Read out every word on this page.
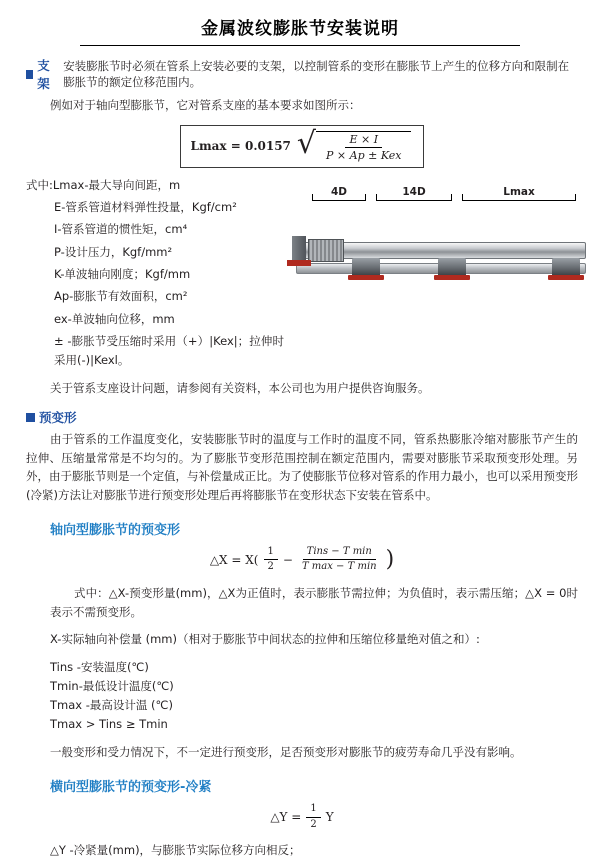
金属波纹膨胀节安装说明
支架
安装膨胀节时必须在管系上安装必要的支架，以控制管系的变形在膨胀节上产生的位移方向和限制在膨胀节的额定位移范围内。

例如对于轴向型膨胀节，它对管系支座的基本要求如图所示：

Lmax = 0.0157 √ $\frac{E \times I}{\text{P × Ap ± Kex}}$

式中:Lmax-最大导向间距，m

E-管系管道材料弹性投量，Kgf/cm²

I-管系管道的惯性矩，cm⁴

P-设计压力，Kgf/mm²

K-单波轴向刚度；Kgf/mm

Ap-膨胀节有效面积，cm²

ex-单波轴向位移，mm

± -膨胀节受压缩时采用（+）|Kex|；拉伸时采用(-)|Kexl。

4D	14D	Lmax

关于管系支座设计问题，请参阅有关资料，本公司也为用户提供咨询服务。

预变形

由于管系的工作温度变化，安装膨胀节时的温度与工作时的温度不同，管系热膨胀冷缩对膨胀节产生的拉伸、压缩量常常是不均匀的。为了膨胀节变形范围控制在额定范围内，需要对膨胀节采取预变形处理。另外，由于膨胀节则是一个定值，与补偿量成正比。为了使膨胀节位移对管系的作用力最小，也可以采用预变形(冷紧)方法让对膨胀节进行预变形处理后再将膨胀节在变形状态下安装在管系中。

轴向型膨胀节的预变形
△X = $X( \frac{1}{2}$ −
Tins − T min
T max − T min )

式中：△X-预变形量(mm)，△X为正值时，表示膨胀节需拉伸；为负值时，表示需压缩；△X = 0时表示不需预变形。

X-实际轴向补偿量 (mm)（相对于膨胀节中间状态的拉伸和压缩位移量绝对值之和）:

Tins -安装温度(℃)

Tmin-最低设计温度(℃)

Tmax -最高设计温 (℃)

Tmax > Tins ≥ Tmin

一般变形和受力情况下，不一定进行预变形，足否预变形对膨胀节的疲劳寿命几乎没有影响。

横向型膨胀节的预变形-冷紧
△Y = $\frac{1}{2}$ Y

△Y -冷紧量(mm)，与膨胀节实际位移方向相反；
